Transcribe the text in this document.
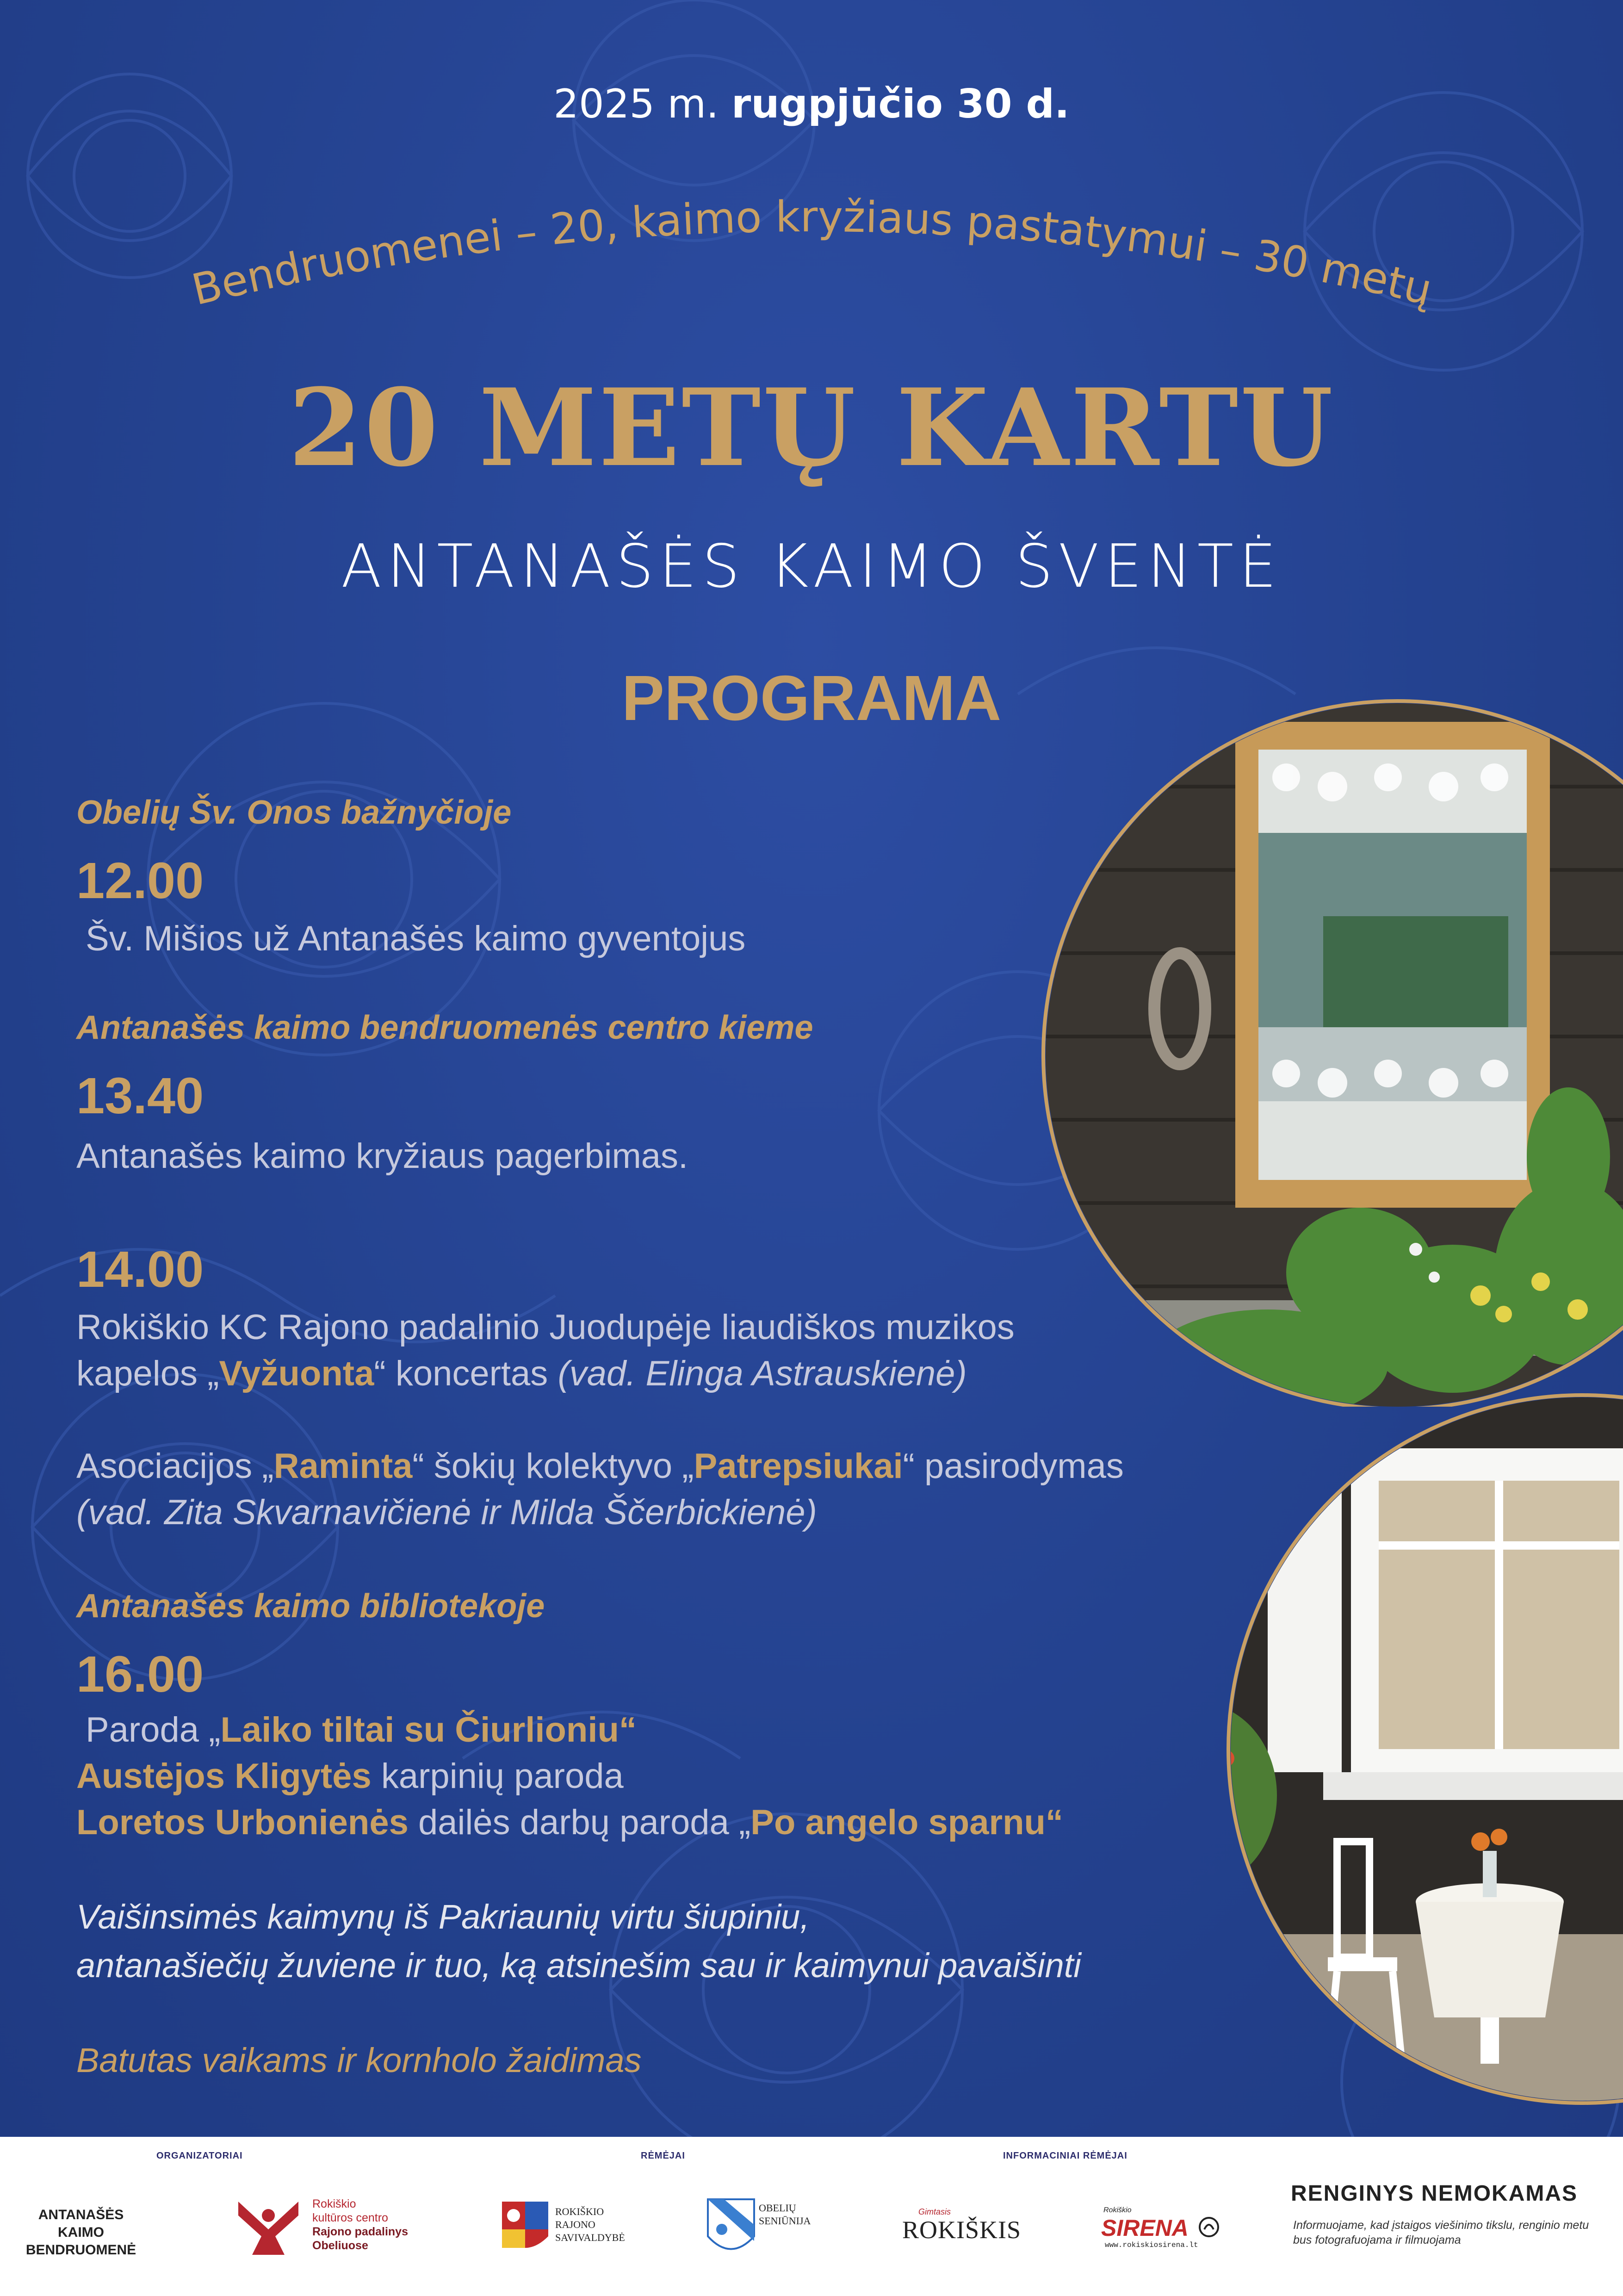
2025 m. rugpjūčio 30 d.
Bendruomenei – 20, kaimo kryžiaus pastatymui – 30 metų
20 METŲ KARTU
ANTANAŠĖS KAIMO ŠVENTĖ
PROGRAMA
Obelių Šv. Onos bažnyčioje
12.00
Šv. Mišios už Antanašės kaimo gyventojus
Antanašės kaimo bendruomenės centro kieme
13.40
Antanašės kaimo kryžiaus pagerbimas.
14.00
Rokiškio KC Rajono padalinio Juodupėje liaudiškos muzikos
kapelos „Vyžuonta“ koncertas (vad. Elinga Astrauskienė)
Asociacijos „Raminta“ šokių kolektyvo „Patrepsiukai“ pasirodymas
(vad. Zita Skvarnavičienė ir Milda Ščerbickienė)
Antanašės kaimo bibliotekoje
16.00
Paroda „Laiko tiltai su Čiurlioniu“
Austėjos Kligytės karpinių paroda
Loretos Urbonienės dailės darbų paroda „Po angelo sparnu“
Vaišinsimės kaimynų iš Pakriaunių virtu šiupiniu,
antanašiečių žuviene ir tuo, ką atsinešim sau ir kaimynui pavaišinti
Batutas vaikams ir kornholo žaidimas
ORGANIZATORIAI	RĖMĖJAI	INFORMACINIAI RĖMĖJAI
ANTANAŠĖS KAIMO
BENDRUOMENĖ
Rokiškio
kultūros centro
Rajono padalinys
Obeliuose
ROKIŠKIO
RAJONO
SAVIVALDYBĖ
OBELIŲ
SENIŪNIJA
Gimtasis
ROKIŠKIS
Rokiškio
SIRENA
www.rokiskiosirena.lt
RENGINYS NEMOKAMAS
Informuojame, kad įstaigos viešinimo tikslu, renginio metu bus fotografuojama ir filmuojama
